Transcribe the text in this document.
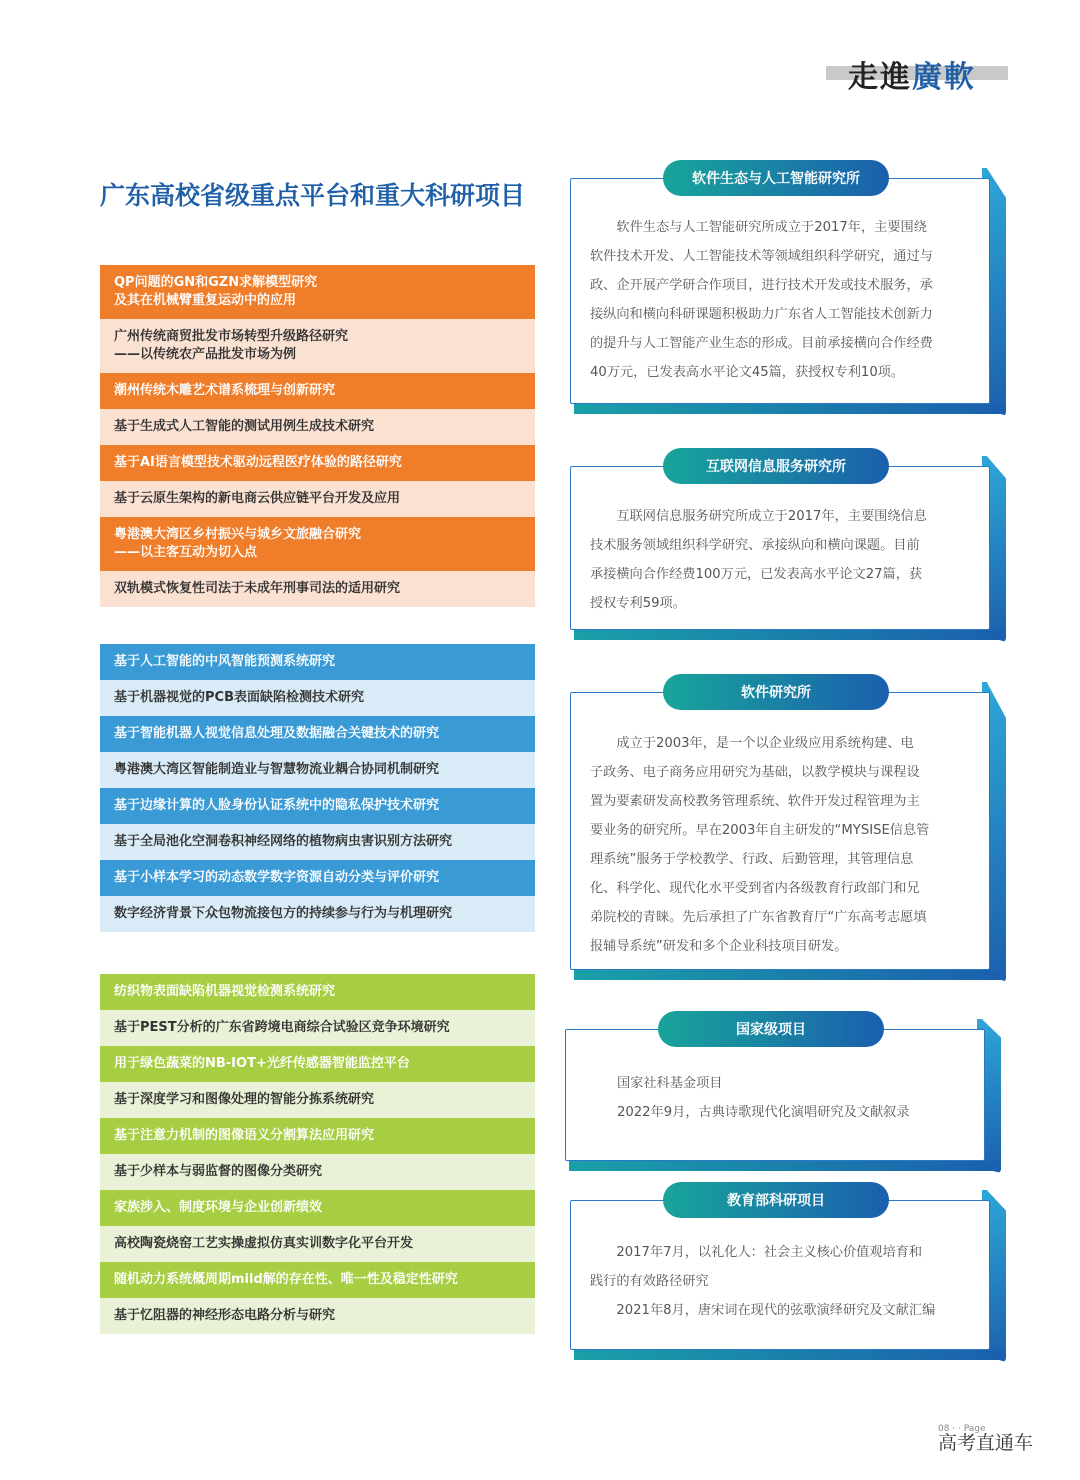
走進廣軟
广东高校省级重点平台和重大科研项目
QP问题的GN和GZN求解模型研究
及其在机械臂重复运动中的应用
广州传统商贸批发市场转型升级路径研究
——以传统农产品批发市场为例
潮州传统木雕艺术谱系梳理与创新研究
基于生成式人工智能的测试用例生成技术研究
基于AI语言模型技术驱动远程医疗体验的路径研究
基于云原生架构的新电商云供应链平台开发及应用
粤港澳大湾区乡村振兴与城乡文旅融合研究
——以主客互动为切入点
双轨模式恢复性司法于未成年刑事司法的适用研究
基于人工智能的中风智能预测系统研究
基于机器视觉的PCB表面缺陷检测技术研究
基于智能机器人视觉信息处理及数据融合关键技术的研究
粤港澳大湾区智能制造业与智慧物流业耦合协同机制研究
基于边缘计算的人脸身份认证系统中的隐私保护技术研究
基于全局池化空洞卷积神经网络的植物病虫害识别方法研究
基于小样本学习的动态数学数字资源自动分类与评价研究
数字经济背景下众包物流接包方的持续参与行为与机理研究
纺织物表面缺陷机器视觉检测系统研究
基于PEST分析的广东省跨境电商综合试验区竞争环境研究
用于绿色蔬菜的NB-IOT+光纤传感器智能监控平台
基于深度学习和图像处理的智能分拣系统研究
基于注意力机制的图像语义分割算法应用研究
基于少样本与弱监督的图像分类研究
家族涉入、制度环境与企业创新绩效
高校陶瓷烧窑工艺实操虚拟仿真实训数字化平台开发
随机动力系统概周期mild解的存在性、唯一性及稳定性研究
基于忆阻器的神经形态电路分析与研究
软件生态与人工智能研究所

软件生态与人工智能研究所成立于2017年，主要围绕

软件技术开发、人工智能技术等领域组织科学研究，通过与

政、企开展产学研合作项目，进行技术开发或技术服务，承

接纵向和横向科研课题积极助力广东省人工智能技术创新力

的提升与人工智能产业生态的形成。目前承接横向合作经费

40万元，已发表高水平论文45篇，获授权专利10项。

互联网信息服务研究所

互联网信息服务研究所成立于2017年，主要围绕信息

技术服务领域组织科学研究、承接纵向和横向课题。目前

承接横向合作经费100万元，已发表高水平论文27篇，获

授权专利59项。

软件研究所

成立于2003年，是一个以企业级应用系统构建、电

子政务、电子商务应用研究为基础，以教学模块与课程设

置为要素研发高校教务管理系统、软件开发过程管理为主

要业务的研究所。早在2003年自主研发的“MYSISE信息管

理系统”服务于学校教学、行政、后勤管理，其管理信息

化、科学化、现代化水平受到省内各级教育行政部门和兄

弟院校的青睐。先后承担了广东省教育厅“广东高考志愿填

报辅导系统”研发和多个企业科技项目研发。

国家级项目

国家社科基金项目

2022年9月，古典诗歌现代化演唱研究及文献叙录

教育部科研项目

2017年7月，以礼化人：社会主义核心价值观培育和

践行的有效路径研究

2021年8月，唐宋词在现代的弦歌演绎研究及文献汇编

08 · · Page
高考直通车
